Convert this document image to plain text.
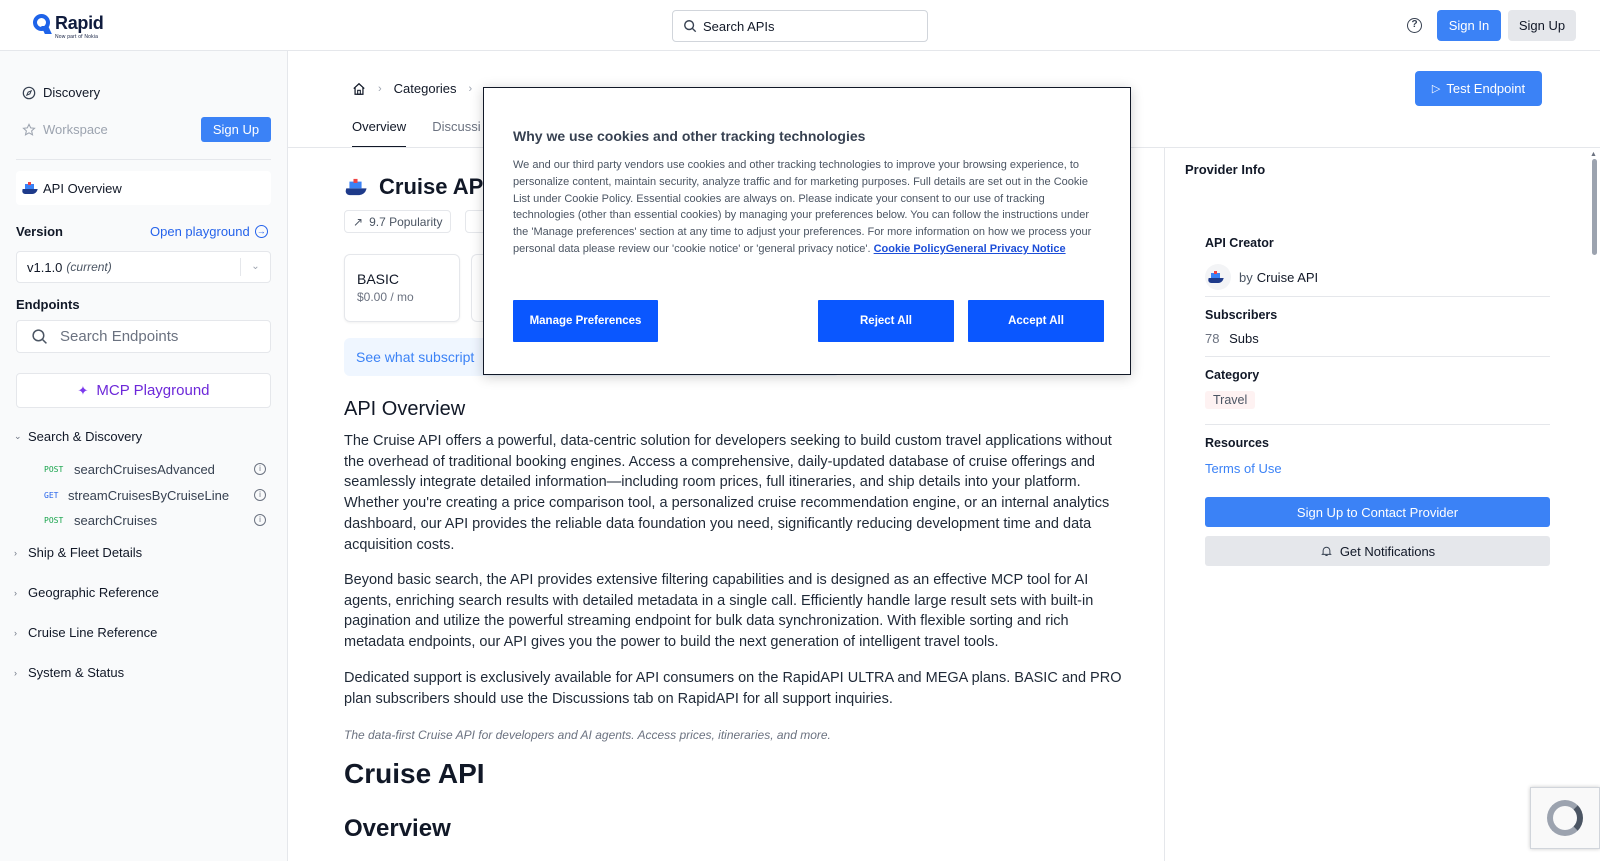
Rapid
Now part of Nokia
Search APIs	?	Sign In	Sign Up
Discovery
Workspace	Sign Up
API Overview
Version	Open playground →
v1.1.0 (current)	⌄
Endpoints
Search Endpoints
✦ MCP Playground
⌄ Search & Discovery
POST searchCruisesAdvanced	i
GET streamCruisesByCruiseLine	i
POST searchCruises	i
› Ship & Fleet Details
› Geographic Reference
› Cruise Line Reference
› System & Status
› Categories ›
Overview Discussi
▷ Test Endpoint
Cruise AP
↗ 9.7 Popularity
BASIC
$0.00 / mo
See what subscript
API Overview
The Cruise API offers a powerful, data-centric solution for developers seeking to build custom travel applications without the overhead of traditional booking engines. Access a comprehensive, daily-updated database of cruise offerings and seamlessly integrate detailed information—including room prices, full itineraries, and ship details into your platform. Whether you're creating a price comparison tool, a personalized cruise recommendation engine, or an internal analytics dashboard, our API provides the reliable data foundation you need, significantly reducing development time and data acquisition costs.
Beyond basic search, the API provides extensive filtering capabilities and is designed as an effective MCP tool for AI agents, enriching search results with detailed metadata in a single call. Efficiently handle large result sets with built-in pagination and utilize the powerful streaming endpoint for bulk data synchronization. With flexible sorting and rich metadata endpoints, our API gives you the power to build the next generation of intelligent travel tools.
Dedicated support is exclusively available for API consumers on the RapidAPI ULTRA and MEGA plans. BASIC and PRO plan subscribers should use the Discussions tab on RapidAPI for all support inquiries.
The data-first Cruise API for developers and AI agents. Access prices, itineraries, and more.
Cruise API
Overview
Provider Info
API Creator
by Cruise API
Subscribers
78 Subs
Category
Travel
Resources
Terms of Use
Sign Up to Contact Provider
Get Notifications
▲
Why we use cookies and other tracking technologies
We and our third party vendors use cookies and other tracking technologies to improve your browsing experience, to personalize content, maintain security, analyze traffic and for marketing purposes. Full details are set out in the Cookie List under Cookie Policy. Essential cookies are always on. Please indicate your consent to our use of tracking technologies (other than essential cookies) by managing your preferences below. You can follow the instructions under the 'Manage preferences' section at any time to adjust your preferences. For more information on how we process your personal data please review our 'cookie notice' or 'general privacy notice'. Cookie PolicyGeneral Privacy Notice
Manage Preferences	Reject All	Accept All
